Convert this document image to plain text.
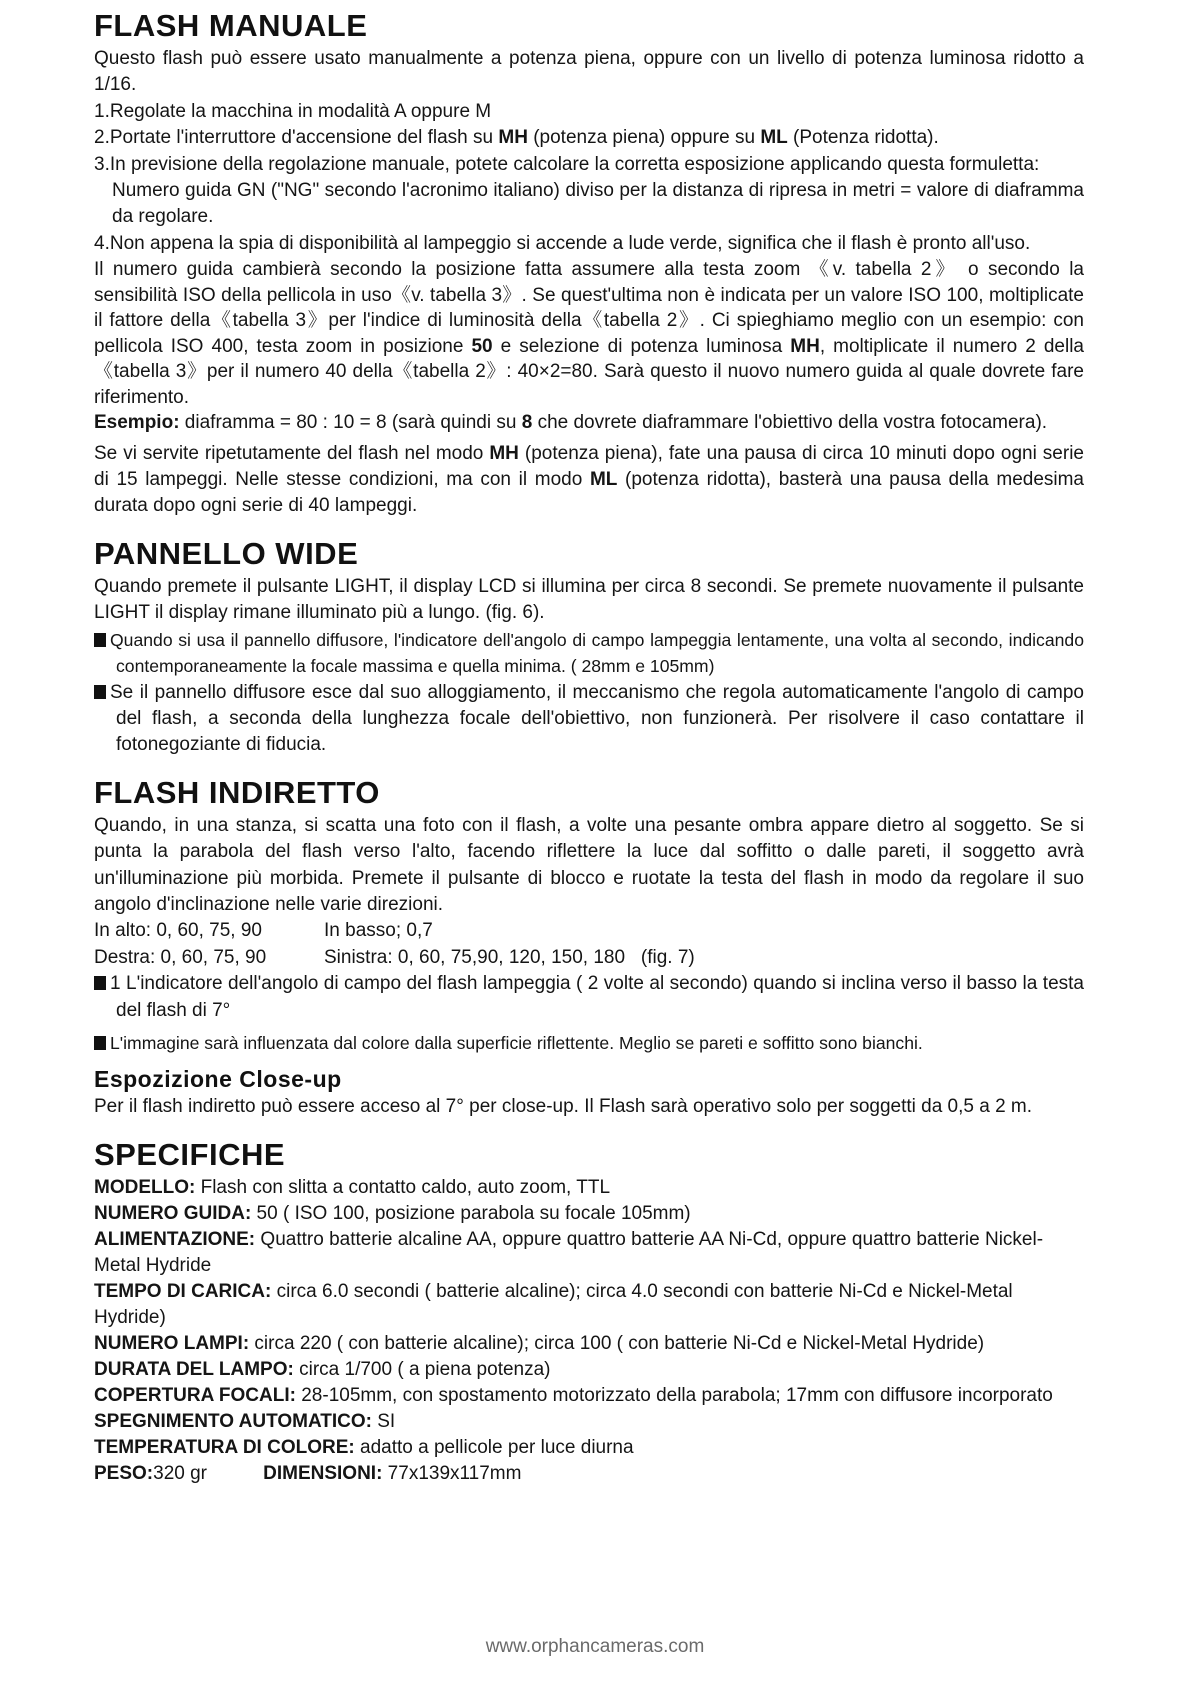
FLASH MANUALE

Questo flash può essere usato manualmente a potenza piena, oppure con un livello di potenza luminosa ridotto a 1/16.

1.Regolate la macchina in modalità A oppure M

2.Portate l'interruttore d'accensione del flash su MH (potenza piena) oppure su ML (Potenza ridotta).

3.In previsione della regolazione manuale, potete calcolare la corretta esposizione applicando questa formuletta:
Numero guida GN ("NG" secondo l'acronimo italiano) diviso per la distanza di ripresa in metri = valore di diaframma da regolare.

4.Non appena la spia di disponibilità al lampeggio si accende a lude verde, significa che il flash è pronto all'uso.

Il numero guida cambierà secondo la posizione fatta assumere alla testa zoom 《v. tabella 2》 o secondo la sensibilità ISO della pellicola in uso《v. tabella 3》. Se quest'ultima non è indicata per un valore ISO 100, moltiplicate il fattore della《tabella 3》per l'indice di luminosità della《tabella 2》. Ci spieghiamo meglio con un esempio: con pellicola ISO 400, testa zoom in posizione 50 e selezione di potenza luminosa MH, moltiplicate il numero 2 della《tabella 3》per il numero 40 della《tabella 2》: 40×2=80. Sarà questo il nuovo numero guida al quale dovrete fare riferimento.

Esempio: diaframma = 80 : 10 = 8 (sarà quindi su 8 che dovrete diaframmare l'obiettivo della vostra fotocamera).

Se vi servite ripetutamente del flash nel modo MH (potenza piena), fate una pausa di circa 10 minuti dopo ogni serie di 15 lampeggi. Nelle stesse condizioni, ma con il modo ML (potenza ridotta), basterà una pausa della medesima durata dopo ogni serie di 40 lampeggi.

PANNELLO WIDE

Quando premete il pulsante LIGHT, il display LCD si illumina per circa 8 secondi. Se premete nuovamente il pulsante LIGHT il display rimane illuminato più a lungo. (fig. 6).

Quando si usa il pannello diffusore, l'indicatore dell'angolo di campo lampeggia lentamente, una volta al secondo, indicando contemporaneamente la focale massima e quella minima. ( 28mm e 105mm)

Se il pannello diffusore esce dal suo alloggiamento, il meccanismo che regola automaticamente l'angolo di campo del flash, a seconda della lunghezza focale dell'obiettivo, non funzionerà. Per risolvere il caso contattare il fotonegoziante di fiducia.

FLASH INDIRETTO

Quando, in una stanza, si scatta una foto con il flash, a volte una pesante ombra appare dietro al soggetto. Se si punta la parabola del flash verso l'alto, facendo riflettere la luce dal soffitto o dalle pareti, il soggetto avrà un'illuminazione più morbida. Premete il pulsante di blocco e ruotate la testa del flash in modo da regolare il suo angolo d'inclinazione nelle varie direzioni.

In alto: 0, 60, 75, 90	In basso; 0,7

Destra: 0, 60, 75, 90	Sinistra: 0, 60, 75,90, 120, 150, 180   (fig. 7)

1 L'indicatore dell'angolo di campo del flash lampeggia ( 2 volte al secondo) quando si inclina verso il basso la testa del flash di 7°

L'immagine sarà influenzata dal colore dalla superficie riflettente. Meglio se pareti e soffitto sono bianchi.

Espozizione Close-up

Per il flash indiretto può essere acceso al 7° per close-up. Il Flash sarà operativo solo per soggetti da 0,5 a 2 m.

SPECIFICHE

MODELLO: Flash con slitta a contatto caldo, auto zoom, TTL

NUMERO GUIDA: 50 ( ISO 100, posizione parabola su focale 105mm)

ALIMENTAZIONE: Quattro batterie alcaline AA, oppure quattro batterie AA Ni-Cd, oppure quattro batterie Nickel-Metal Hydride

TEMPO DI CARICA: circa 6.0 secondi ( batterie alcaline); circa 4.0 secondi con batterie Ni-Cd e Nickel-Metal Hydride)

NUMERO LAMPI: circa 220 ( con batterie alcaline); circa 100 ( con batterie Ni-Cd e Nickel-Metal Hydride)

DURATA DEL LAMPO: circa 1/700 ( a piena potenza)

COPERTURA FOCALI: 28-105mm, con spostamento motorizzato della parabola; 17mm con diffusore incorporato

SPEGNIMENTO AUTOMATICO: SI

TEMPERATURA DI COLORE: adatto a pellicole per luce diurna

PESO:320 gr	DIMENSIONI: 77x139x117mm

www.orphancameras.com
